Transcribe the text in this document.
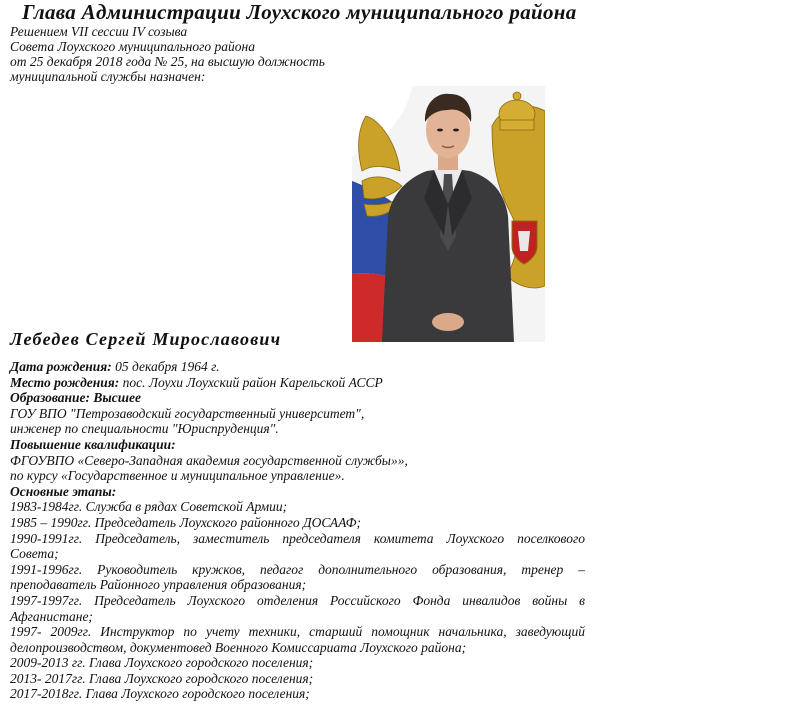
Глава Администрации Лоухского муниципального района
Решением VII сессии IV созыва
Совета Лоухского муниципального района
от 25 декабря 2018 года № 25, на высшую должность
муниципальной службы назначен:
Лебедев Сергей Мирославович
Дата рождения: 05 декабря 1964 г.
Место рождения: пос. Лоухи Лоухский район Карельской АССР
Образование: Высшее
ГОУ ВПО "Петрозаводский государственный университет",
инженер по специальности "Юриспруденция".
Повышение квалификации:
ФГОУВПО «Северо-Западная академия государственной службы»»,
по курсу «Государственное и муниципальное управление».
Основные этапы:
1983-1984гг. Служба в рядах Советской Армии;
1985 – 1990гг. Председатель Лоухского районного ДОСААФ;
1990-1991гг. Председатель, заместитель председателя комитета Лоухского поселкового
Совета;
1991-1996гг. Руководитель кружков, педагог дополнительного образования, тренер –
преподаватель Районного управления образования;
1997-1997гг. Председатель Лоухского отделения Российского Фонда инвалидов войны в
Афганистане;
1997- 2009гг. Инструктор по учету техники, старший помощник начальника, заведующий
делопроизводством, документовед Военного Комиссариата Лоухского района;
2009-2013 гг. Глава Лоухского городского поселения;
2013- 2017гг. Глава Лоухского городского поселения;
2017-2018гг. Глава Лоухского городского поселения;
